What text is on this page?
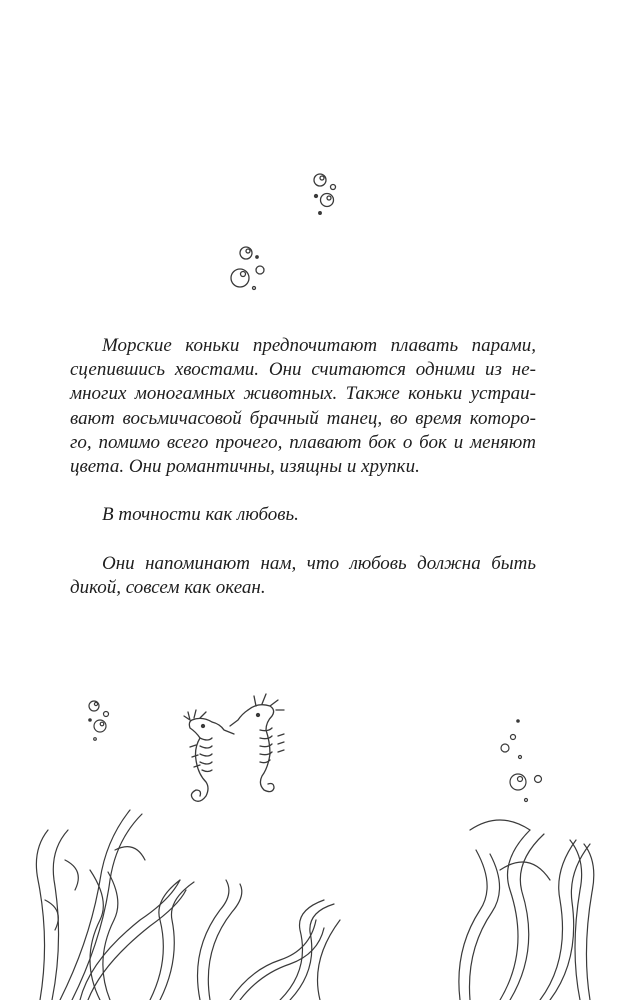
Морские коньки предпочитают плавать парами,
сцепившись хвостами. Они считаются одними из не-
многих моногамных животных. Также коньки устраи-
вают восьмичасовой брачный танец, во время которо-
го, помимо всего прочего, плавают бок о бок и меняют
цвета. Они романтичны, изящны и хрупки.

В точности как любовь.

Они напоминают нам, что любовь должна быть
дикой, совсем как океан.
